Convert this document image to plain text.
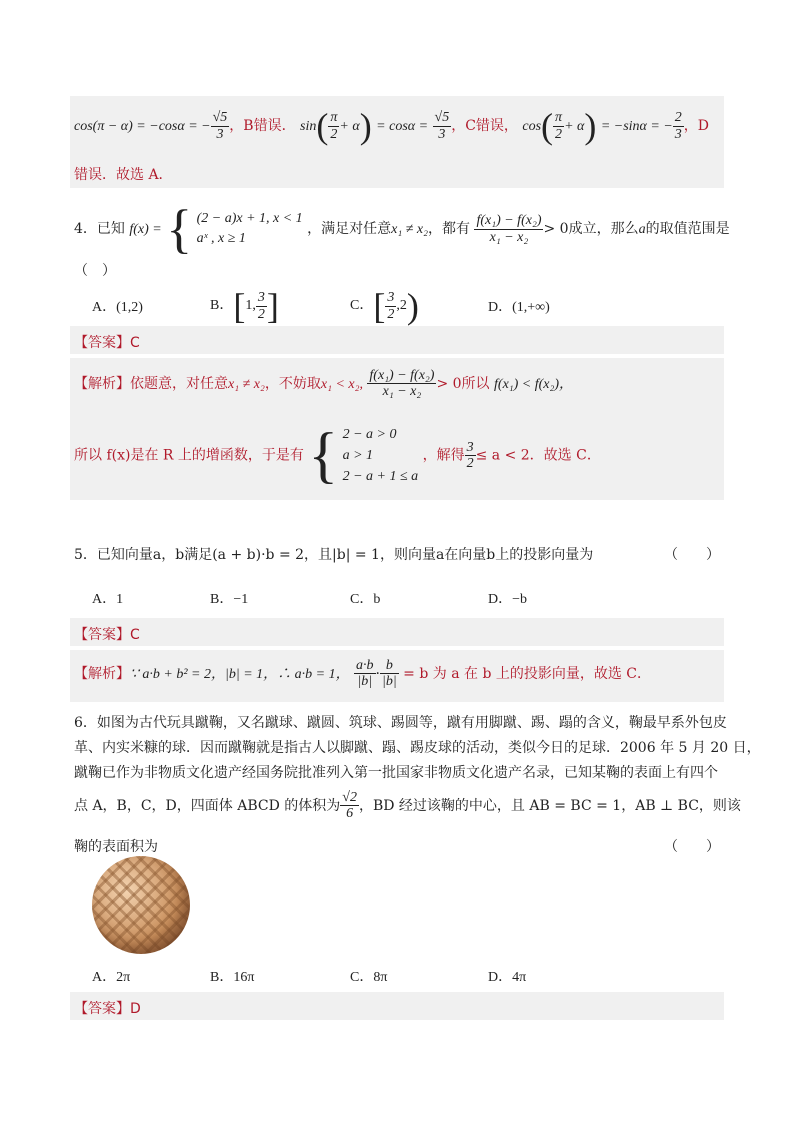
cos(π − α) = −cosα = − $\frac{√5}{3}$ ，B错误． $\sin( \frac{\pi}{2} + \alpha) = \cos\alpha = \frac{√5}{3}$ ，C错误， $\cos( \frac{\pi}{2} + \alpha) = -\sin\alpha$ = − $\frac{2}{3}$ ，D
错误．故选 A．
4．已知 f(x) = { (2 − a)x + 1, x < 1
aˣ , x ≥ 1
，满足对任意x₁ ≠ x₂，都有 $\frac{\text{f(x₁) − f(x₂)}}{\text{x₁ − x₂}} > 0$成立，那么a的取值范围是
（　）
A．(1,2)	B．[1, $\frac{3}{2}$ ]	C．[ $\frac{3}{2} ,2$)	D．(1,+∞)
【答案】C
【解析】依题意，对任意x₁ ≠ x₂，不妨取x₁ < x₂, $\frac{\text{f(x₁) − f(x₂)}}{\text{x₁ − x₂}} > 0$所以 f(x₁) < f(x₂)，
所以 f(x)是在 R 上的增函数，于是有 { 2 − a > 0
a > 1
2 − a + 1 ≤ a
，解得 $\frac{3}{2} \le a < 2$．故选 C．
5．已知向量a，b满足(a + b)·b = 2，且|b| = 1，则向量a在向量b上的投影向量为	（　　）
A．1	B．−1	C．b	D．−b
【答案】C
【解析】∵ a·b + b² = 2，|b| = 1，∴ a·b = 1， $\frac{a\cdot b}{|b|} \cdot \frac{b}{|b|} = b$ 为 a 在 b 上的投影向量，故选 C．
6．如图为古代玩具蹴鞠，又名蹴球、蹴圆、筑球、踢圆等，蹴有用脚蹴、踢、蹋的含义，鞠最早系外包皮
革、内实米糠的球．因而蹴鞠就是指古人以脚蹴、蹋、踢皮球的活动，类似今日的足球．2006 年 5 月 20 日，
蹴鞠已作为非物质文化遗产经国务院批准列入第一批国家非物质文化遗产名录，已知某鞠的表面上有四个
点 A，B，C，D，四面体 ABCD 的体积为 $\frac{√2}{6}$ ，BD 经过该鞠的中心，且 AB = BC = 1，AB ⊥ BC，则该
鞠的表面积为	（　　）
A．2π	B．16π	C．8π	D．4π
【答案】D
